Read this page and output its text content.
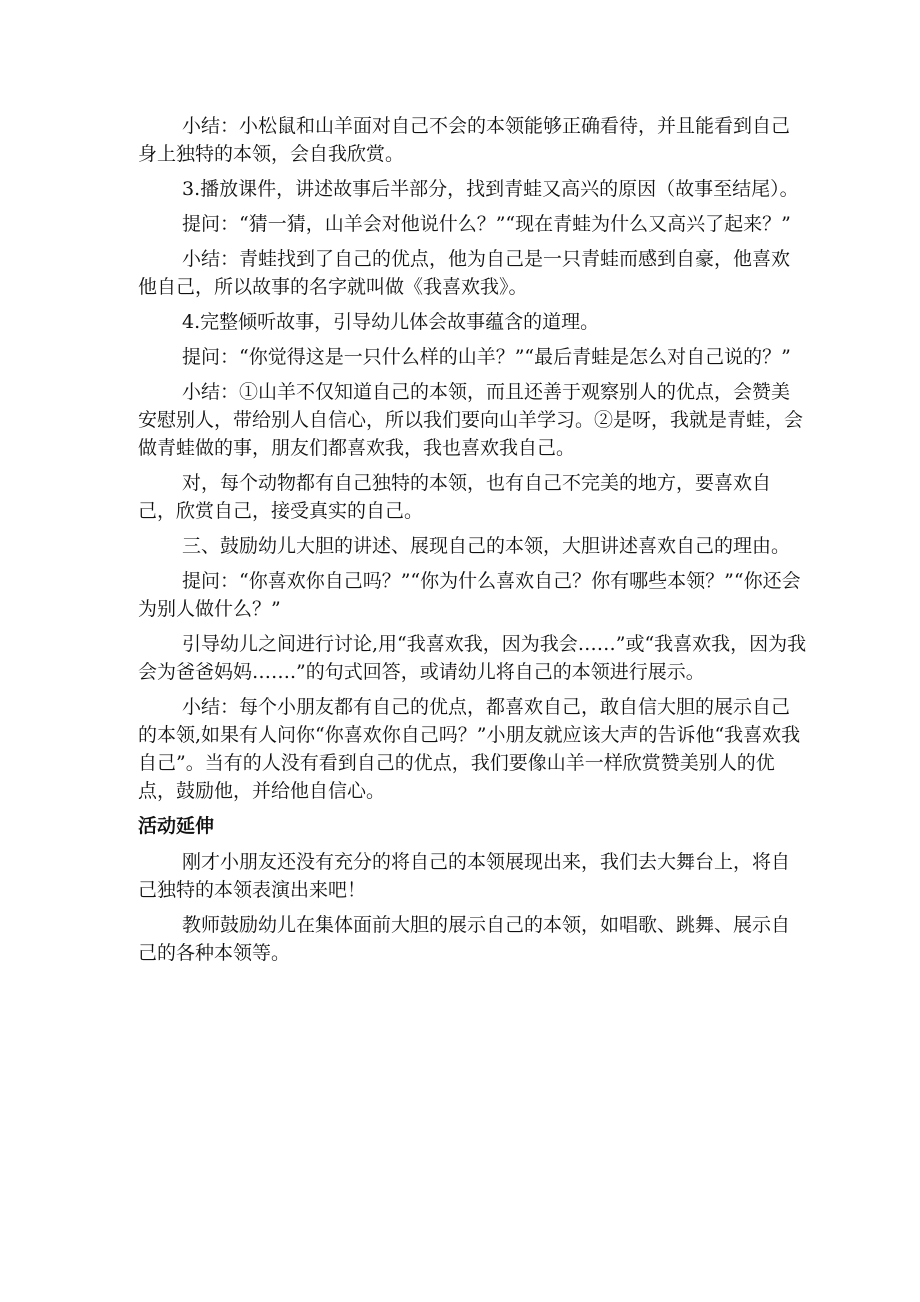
小结：小松鼠和山羊面对自己不会的本领能够正确看待，并且能看到自己身上独特的本领，会自我欣赏。

3.播放课件，讲述故事后半部分，找到青蛙又高兴的原因（故事至结尾）。

提问：“猜一猜，山羊会对他说什么？”“现在青蛙为什么又高兴了起来？”

小结：青蛙找到了自己的优点，他为自己是一只青蛙而感到自豪，他喜欢他自己，所以故事的名字就叫做《我喜欢我》。

4.完整倾听故事，引导幼儿体会故事蕴含的道理。

提问：“你觉得这是一只什么样的山羊？”“最后青蛙是怎么对自己说的？”

小结：①山羊不仅知道自己的本领，而且还善于观察别人的优点，会赞美安慰别人，带给别人自信心，所以我们要向山羊学习。②是呀，我就是青蛙，会做青蛙做的事，朋友们都喜欢我，我也喜欢我自己。

对，每个动物都有自己独特的本领，也有自己不完美的地方，要喜欢自己，欣赏自己，接受真实的自己。

三、鼓励幼儿大胆的讲述、展现自己的本领，大胆讲述喜欢自己的理由。

提问：“你喜欢你自己吗？”“你为什么喜欢自己？你有哪些本领？”“你还会为别人做什么？”

引导幼儿之间进行讨论,用“我喜欢我，因为我会……”或“我喜欢我，因为我会为爸爸妈妈…….”的句式回答，或请幼儿将自己的本领进行展示。

小结：每个小朋友都有自己的优点，都喜欢自己，敢自信大胆的展示自己的本领,如果有人问你“你喜欢你自己吗？”小朋友就应该大声的告诉他“我喜欢我自己”。当有的人没有看到自己的优点，我们要像山羊一样欣赏赞美别人的优点，鼓励他，并给他自信心。

活动延伸

刚才小朋友还没有充分的将自己的本领展现出来，我们去大舞台上，将自己独特的本领表演出来吧！

教师鼓励幼儿在集体面前大胆的展示自己的本领，如唱歌、跳舞、展示自己的各种本领等。
